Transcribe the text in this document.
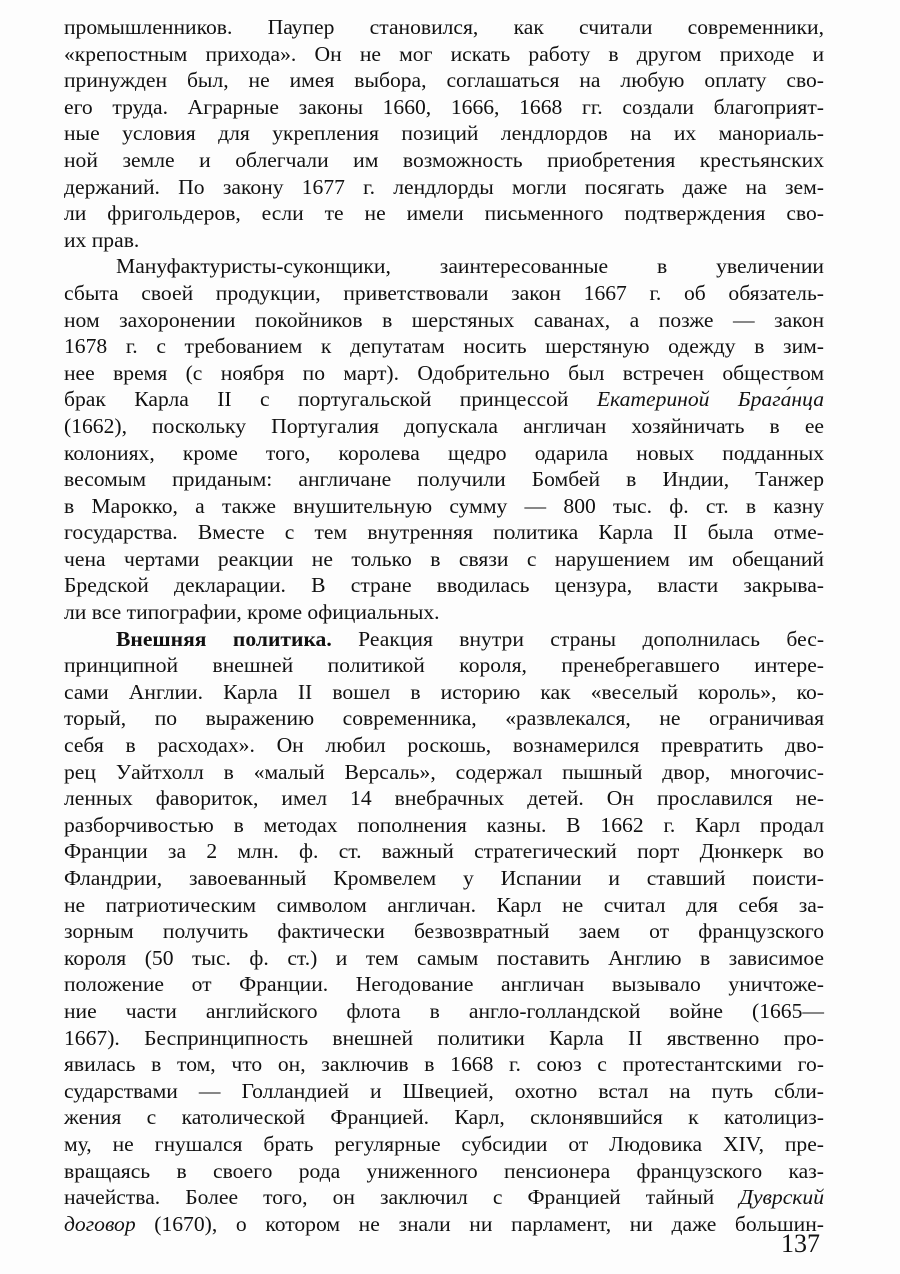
промышленников. Паупер становился, как считали современники,
«крепостным прихода». Он не мог искать работу в другом приходе и
принужден был, не имея выбора, соглашаться на любую оплату сво-
его труда. Аграрные законы 1660, 1666, 1668 гг. создали благоприят-
ные условия для укрепления позиций лендлордов на их манориаль-
ной земле и облегчали им возможность приобретения крестьянских
держаний. По закону 1677 г. лендлорды могли посягать даже на зем-
ли фригольдеров, если те не имели письменного подтверждения сво-
их прав.
Мануфактуристы-суконщики, заинтересованные в увеличении
сбыта своей продукции, приветствовали закон 1667 г. об обязатель-
ном захоронении покойников в шерстяных саванах, а позже — закон
1678 г. с требованием к депутатам носить шерстяную одежду в зим-
нее время (с ноября по март). Одобрительно был встречен обществом
брак Карла II с португальской принцессой Екатериной Брага́нца
(1662), поскольку Португалия допускала англичан хозяйничать в ее
колониях, кроме того, королева щедро одарила новых подданных
весомым приданым: англичане получили Бомбей в Индии, Танжер
в Марокко, а также внушительную сумму — 800 тыс. ф. ст. в казну
государства. Вместе с тем внутренняя политика Карла II была отме-
чена чертами реакции не только в связи с нарушением им обещаний
Бредской декларации. В стране вводилась цензура, власти закрыва-
ли все типографии, кроме официальных.
Внешняя политика. Реакция внутри страны дополнилась бес-
принципной внешней политикой короля, пренебрегавшего интере-
сами Англии. Карла II вошел в историю как «веселый король», ко-
торый, по выражению современника, «развлекался, не ограничивая
себя в расходах». Он любил роскошь, вознамерился превратить дво-
рец Уайтхолл в «малый Версаль», содержал пышный двор, многочис-
ленных фавориток, имел 14 внебрачных детей. Он прославился не-
разборчивостью в методах пополнения казны. В 1662 г. Карл продал
Франции за 2 млн. ф. ст. важный стратегический порт Дюнкерк во
Фландрии, завоеванный Кромвелем у Испании и ставший поисти-
не патриотическим символом англичан. Карл не считал для себя за-
зорным получить фактически безвозвратный заем от французского
короля (50 тыс. ф. ст.) и тем самым поставить Англию в зависимое
положение от Франции. Негодование англичан вызывало уничтоже-
ние части английского флота в англо-голландской войне (1665—
1667). Беспринципность внешней политики Карла II явственно про-
явилась в том, что он, заключив в 1668 г. союз с протестантскими го-
сударствами — Голландией и Швецией, охотно встал на путь сбли-
жения с католической Францией. Карл, склонявшийся к католициз-
му, не гнушался брать регулярные субсидии от Людовика XIV, пре-
вращаясь в своего рода униженного пенсионера французского каз-
начейства. Более того, он заключил с Францией тайный Дуврский
договор (1670), о котором не знали ни парламент, ни даже большин-
137
